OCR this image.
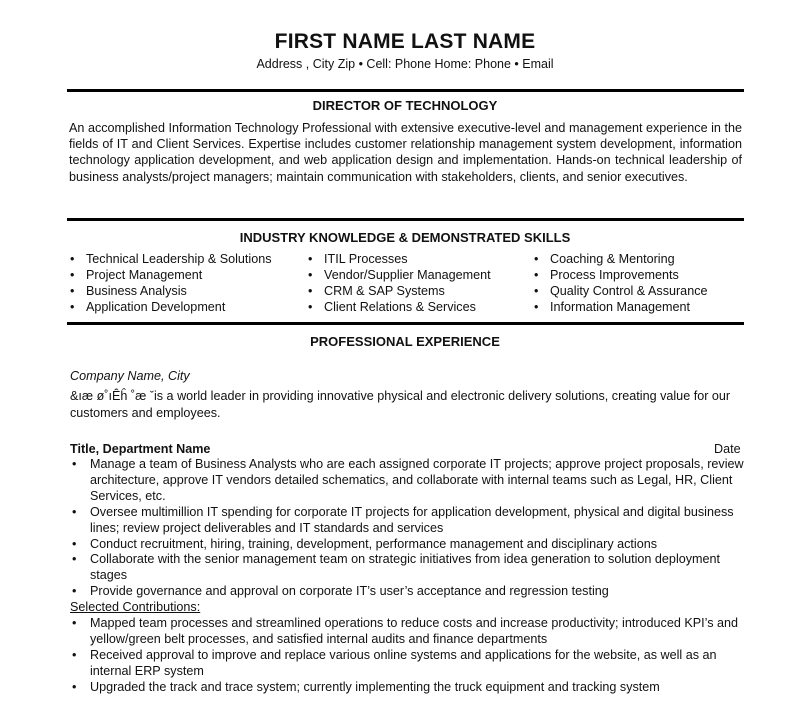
FIRST NAME LAST NAME
Address , City Zip • Cell: Phone Home: Phone • Email
DIRECTOR OF TECHNOLOGY
An accomplished Information Technology Professional with extensive executive-level and management experience in the fields of IT and Client Services. Expertise includes customer relationship management system development, information technology application development, and web application design and implementation. Hands-on technical leadership of business analysts/project managers; maintain communication with stakeholders, clients, and senior executives.
INDUSTRY KNOWLEDGE & DEMONSTRATED SKILLS
• Technical Leadership & Solutions
• Project Management
• Business Analysis
• Application Development
• ITIL Processes
• Vendor/Supplier Management
• CRM & SAP Systems
• Client Relations & Services
• Coaching & Mentoring
• Process Improvements
• Quality Control & Assurance
• Information Management
PROFESSIONAL EXPERIENCE
Company Name, City
&ıæ ø˚ıÊĥ ˚æ ˇis a world leader in providing innovative physical and electronic delivery solutions, creating value for our customers and employees.
Title, Department Name	Date
• Manage a team of Business Analysts who are each assigned corporate IT projects; approve project proposals, review architecture, approve IT vendors detailed schematics, and collaborate with internal teams such as Legal, HR, Client Services, etc.
• Oversee multimillion IT spending for corporate IT projects for application development, physical and digital business lines; review project deliverables and IT standards and services
• Conduct recruitment, hiring, training, development, performance management and disciplinary actions
• Collaborate with the senior management team on strategic initiatives from idea generation to solution deployment stages
• Provide governance and approval on corporate IT’s user’s acceptance and regression testing
Selected Contributions:
• Mapped team processes and streamlined operations to reduce costs and increase productivity; introduced KPI’s and yellow/green belt processes, and satisfied internal audits and finance departments
• Received approval to improve and replace various online systems and applications for the website, as well as an internal ERP system
• Upgraded the track and trace system; currently implementing the truck equipment and tracking system
